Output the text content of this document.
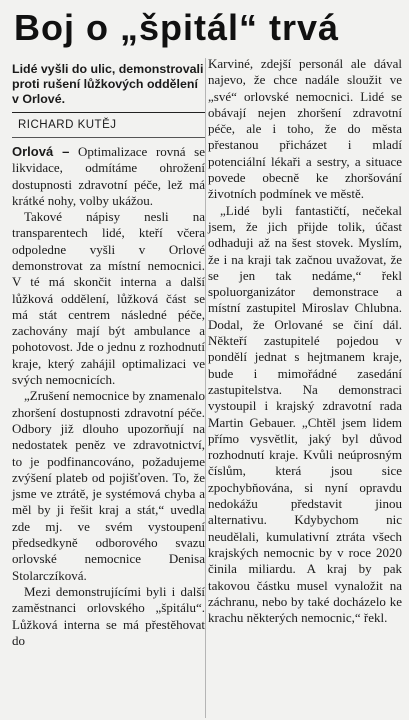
Boj o „špitál“ trvá
Lidé vyšli do ulic, demonstrovali proti rušení lůžkových oddělení v Orlové.
RICHARD KUTĚJ

Orlová – Optimalizace rovná se likvidace, odmítáme ohrožení dostupnosti zdravotní péče, lež má krátké nohy, volby ukážou.

Takové nápisy nesli na transparentech lidé, kteří včera odpoledne vyšli v Orlové demonstrovat za místní nemocnici. V té má skončit interna a další lůžková oddělení, lůžková část se má stát centrem následné péče, zachovány mají být ambulance a pohotovost. Jde o jednu z rozhodnutí kraje, který zahájil optimalizaci ve svých nemocnicích.

„Zrušení nemocnice by znamenalo zhoršení dostupnosti zdravotní péče. Odbory již dlouho upozorňují na nedostatek peněz ve zdravotnictví, to je podfinancováno, požadujeme zvýšení plateb od pojišťoven. To, že jsme ve ztrátě, je systémová chyba a měl by ji řešit kraj a stát,“ uvedla zde mj. ve svém vystoupení předsedkyně odborového svazu orlovské nemocnice Denisa Stolarczíková.

Mezi demonstrujícími byli i další zaměstnanci orlovského „špitálu“. Lůžková interna se má přestěhovat do

Karviné, zdejší personál ale dával najevo, že chce nadále sloužit ve „své“ orlovské nemocnici. Lidé se obávají nejen zhoršení zdravotní péče, ale i toho, že do města přestanou přicházet i mladí potenciální lékaři a sestry, a situace povede obecně ke zhoršování životních podmínek ve městě.

„Lidé byli fantastičtí, nečekal jsem, že jich přijde tolik, účast odhaduji až na šest stovek. Myslím, že i na kraji tak začnou uvažovat, že se jen tak nedáme,“ řekl spoluorganizátor demonstrace a místní zastupitel Miroslav Chlubna. Dodal, že Orlované se činí dál. Někteří zastupitelé pojedou v pondělí jednat s hejtmanem kraje, bude i mimořádné zasedání zastupitelstva. Na demonstraci vystoupil i krajský zdravotní rada Martin Gebauer. „Chtěl jsem lidem přímo vysvětlit, jaký byl důvod rozhodnutí kraje. Kvůli neúprosným číslům, která jsou sice zpochybňována, si nyní opravdu nedokážu představit jinou alternativu. Kdybychom nic neudělali, kumulativní ztráta všech krajských nemocnic by v roce 2020 činila miliardu. A kraj by pak takovou částku musel vynaložit na záchranu, nebo by také docházelo ke krachu některých nemocnic,“ řekl.
